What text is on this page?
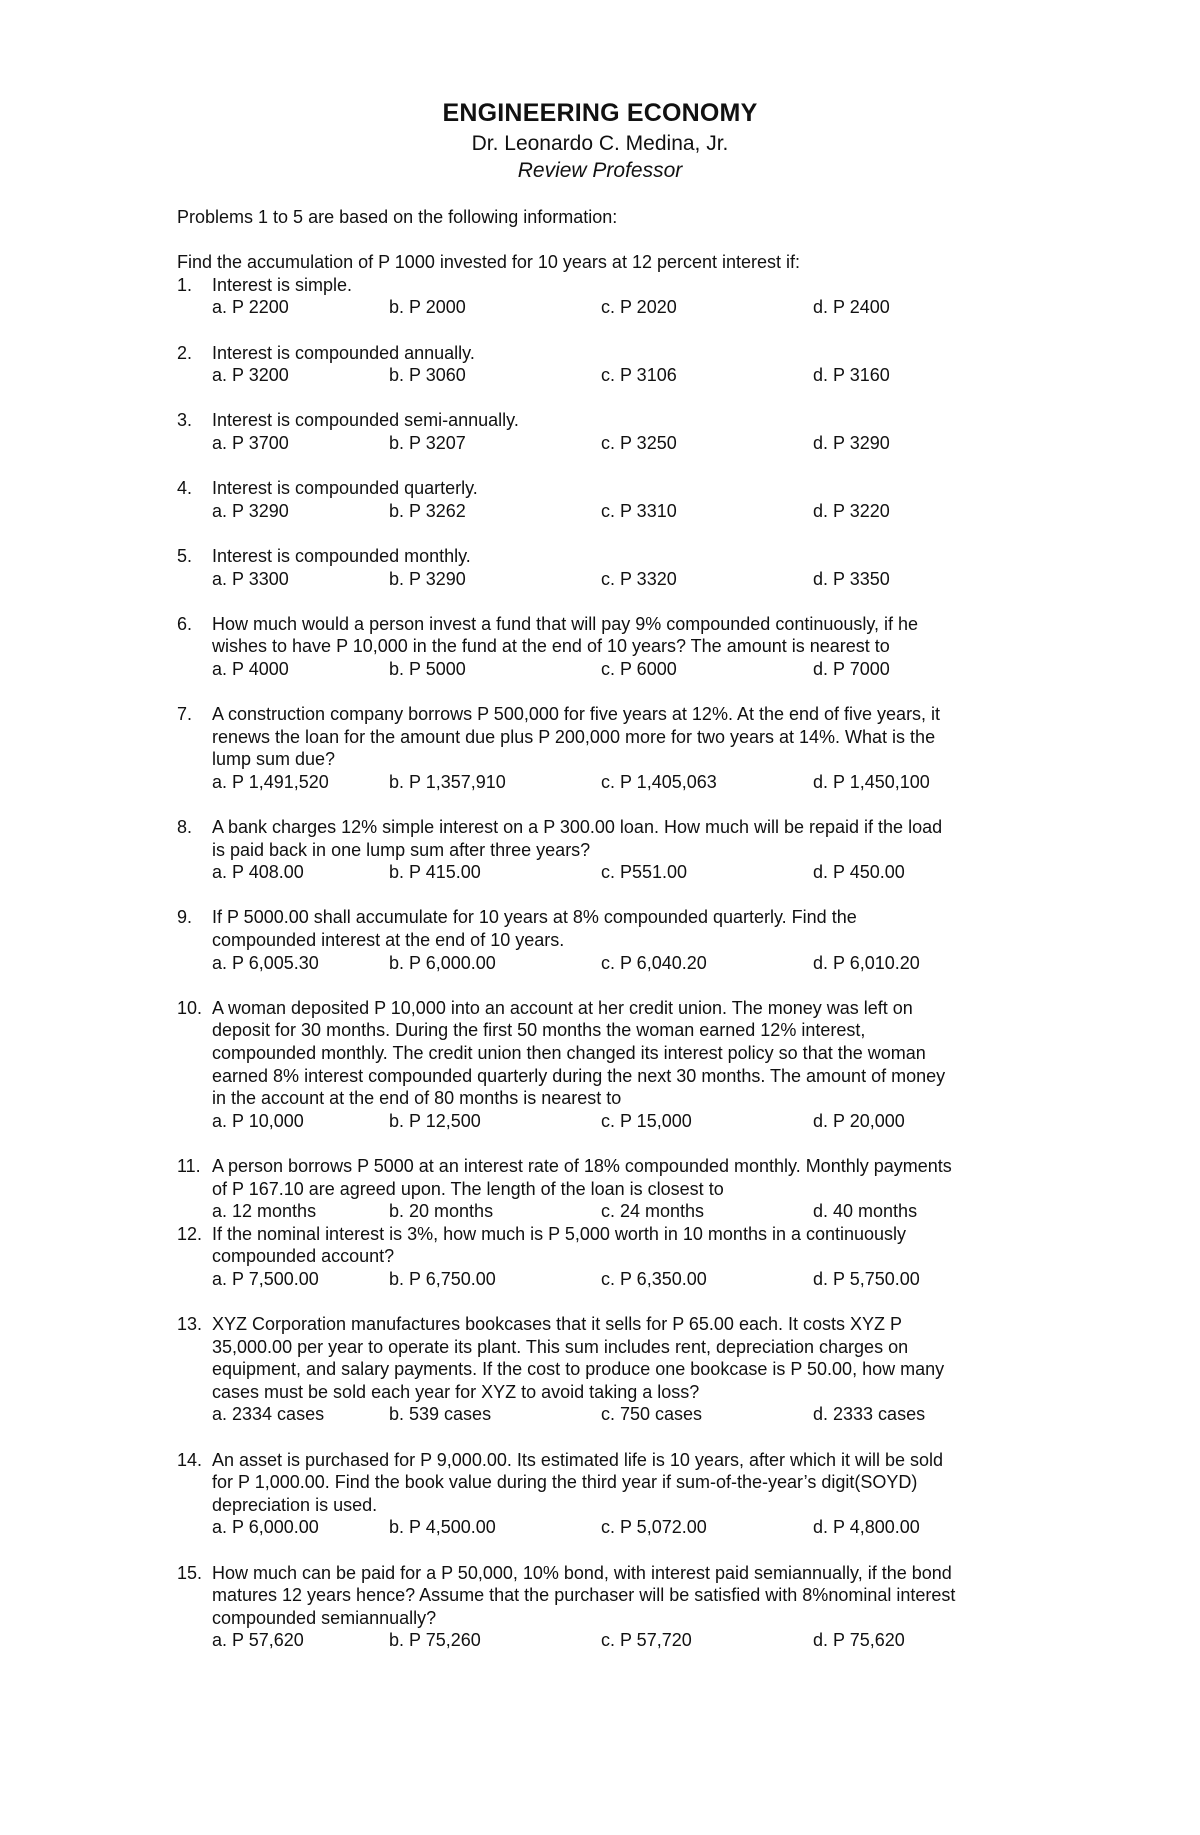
ENGINEERING ECONOMY
Dr. Leonardo C. Medina, Jr.
Review Professor

Problems 1 to 5 are based on the following information:

Find the accumulation of P 1000 invested for 10 years at 12 percent interest if:

1. Interest is simple.
a. P 2200	b. P 2000	c. P 2020	d. P 2400
2. Interest is compounded annually.
a. P 3200	b. P 3060	c. P 3106	d. P 3160
3. Interest is compounded semi-annually.
a. P 3700	b. P 3207	c. P 3250	d. P 3290
4. Interest is compounded quarterly.
a. P 3290	b. P 3262	c. P 3310	d. P 3220
5. Interest is compounded monthly.
a. P 3300	b. P 3290	c. P 3320	d. P 3350
6. How much would a person invest a fund that will pay 9% compounded continuously, if he
wishes to have P 10,000 in the fund at the end of 10 years? The amount is nearest to
a. P 4000	b. P 5000	c. P 6000	d. P 7000
7. A construction company borrows P 500,000 for five years at 12%. At the end of five years, it
renews the loan for the amount due plus P 200,000 more for two years at 14%. What is the
lump sum due?
a. P 1,491,520	b. P 1,357,910	c. P 1,405,063	d. P 1,450,100
8. A bank charges 12% simple interest on a P 300.00 loan. How much will be repaid if the load
is paid back in one lump sum after three years?
a. P 408.00	b. P 415.00	c. P551.00	d. P 450.00
9. If P 5000.00 shall accumulate for 10 years at 8% compounded quarterly. Find the
compounded interest at the end of 10 years.
a. P 6,005.30	b. P 6,000.00	c. P 6,040.20	d. P 6,010.20
10. A woman deposited P 10,000 into an account at her credit union. The money was left on
deposit for 30 months. During the first 50 months the woman earned 12% interest,
compounded monthly. The credit union then changed its interest policy so that the woman
earned 8% interest compounded quarterly during the next 30 months. The amount of money
in the account at the end of 80 months is nearest to
a. P 10,000	b. P 12,500	c. P 15,000	d. P 20,000
11. A person borrows P 5000 at an interest rate of 18% compounded monthly. Monthly payments
of P 167.10 are agreed upon. The length of the loan is closest to
a. 12 months	b. 20 months	c. 24 months	d. 40 months
12. If the nominal interest is 3%, how much is P 5,000 worth in 10 months in a continuously
compounded account?
a. P 7,500.00	b. P 6,750.00	c. P 6,350.00	d. P 5,750.00
13. XYZ Corporation manufactures bookcases that it sells for P 65.00 each. It costs XYZ P
35,000.00 per year to operate its plant. This sum includes rent, depreciation charges on
equipment, and salary payments. If the cost to produce one bookcase is P 50.00, how many
cases must be sold each year for XYZ to avoid taking a loss?
a. 2334 cases	b. 539 cases	c. 750 cases	d. 2333 cases
14. An asset is purchased for P 9,000.00. Its estimated life is 10 years, after which it will be sold
for P 1,000.00. Find the book value during the third year if sum-of-the-year’s digit(SOYD)
depreciation is used.
a. P 6,000.00	b. P 4,500.00	c. P 5,072.00	d. P 4,800.00
15. How much can be paid for a P 50,000, 10% bond, with interest paid semiannually, if the bond
matures 12 years hence? Assume that the purchaser will be satisfied with 8%nominal interest
compounded semiannually?
a. P 57,620	b. P 75,260	c. P 57,720	d. P 75,620
